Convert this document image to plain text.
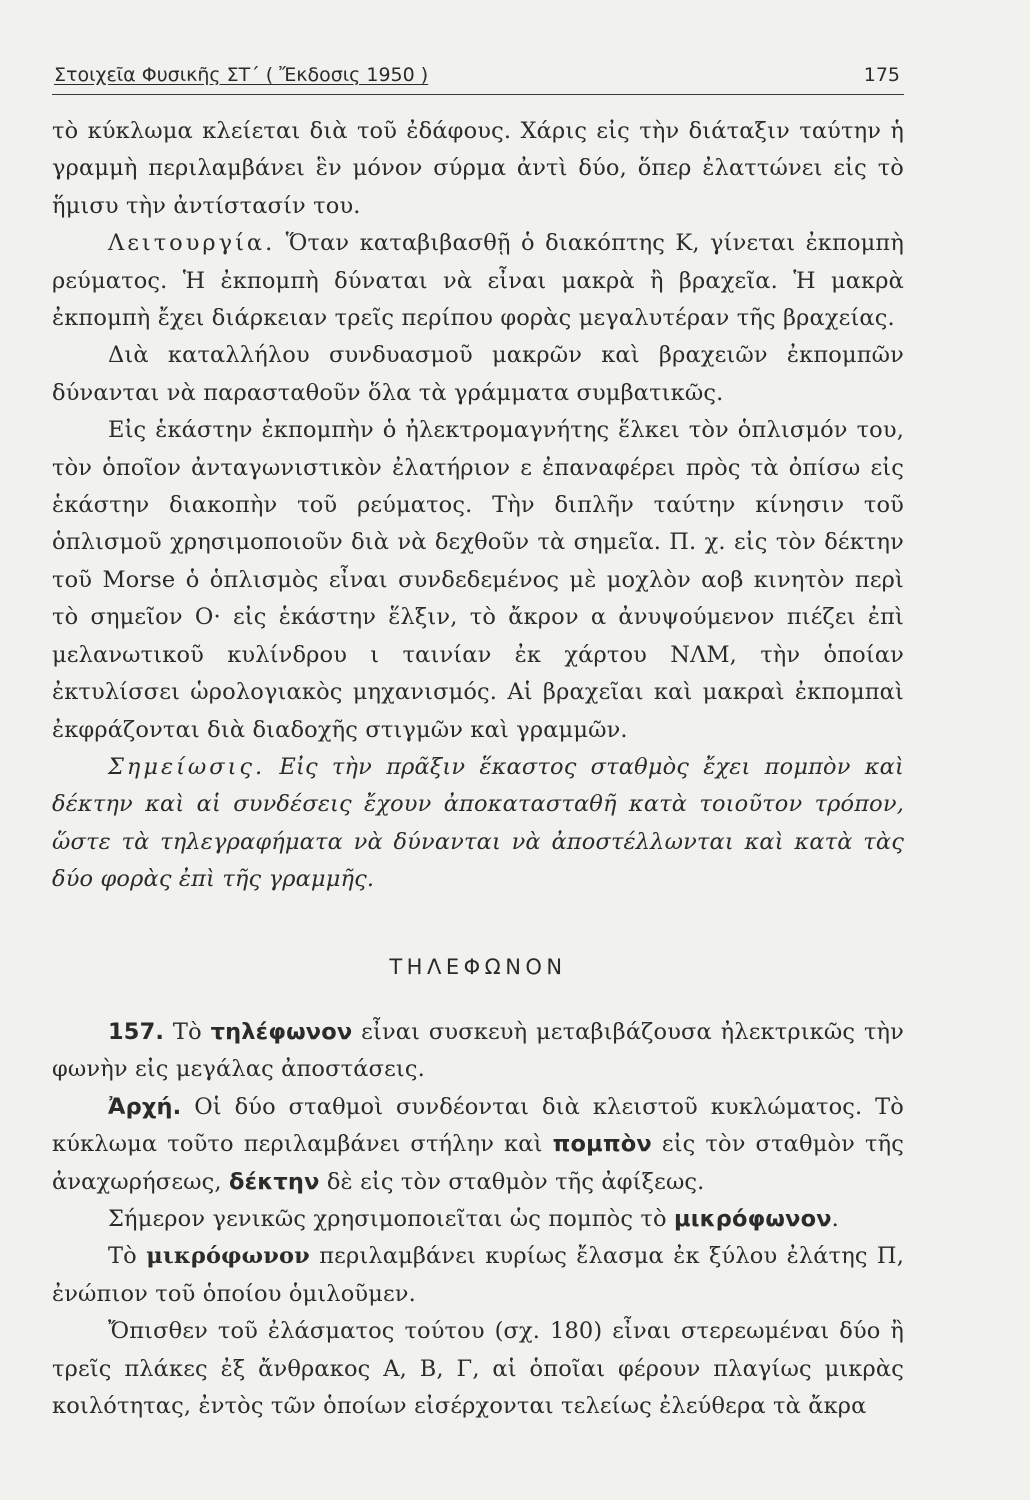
Στοιχεῖα Φυσικῆς ΣΤ΄ ( Ἔκδοσις 1950 )	175

τὸ κύκλωμα κλείεται διὰ τοῦ ἐδάφους. Χάρις εἰς τὴν διάταξιν ταύτην ἡ γραμμὴ περιλαμβάνει ἓν μόνον σύρμα ἀντὶ δύο, ὅπερ ἐλαττώνει εἰς τὸ ἥμισυ τὴν ἀντίστασίν του.

Λειτουργία. Ὅταν καταβιβασθῇ ὁ διακόπτης Κ, γίνεται ἐκπομπὴ ρεύματος. Ἡ ἐκπομπὴ δύναται νὰ εἶναι μακρὰ ἢ βραχεῖα. Ἡ μακρὰ ἐκπομπὴ ἔχει διάρκειαν τρεῖς περίπου φορὰς μεγαλυτέραν τῆς βραχείας.

Διὰ καταλλήλου συνδυασμοῦ μακρῶν καὶ βραχειῶν ἐκπομπῶν δύνανται νὰ παρασταθοῦν ὅλα τὰ γράμματα συμβατικῶς.

Εἰς ἑκάστην ἐκπομπὴν ὁ ἠλεκτρομαγνήτης ἕλκει τὸν ὁπλισμόν του, τὸν ὁποῖον ἀνταγωνιστικὸν ἐλατήριον ε ἐπαναφέρει πρὸς τὰ ὀπίσω εἰς ἑκάστην διακοπὴν τοῦ ρεύματος. Τὴν διπλῆν ταύτην κίνησιν τοῦ ὁπλισμοῦ χρησιμοποιοῦν διὰ νὰ δεχθοῦν τὰ σημεῖα. Π. χ. εἰς τὸν δέκτην τοῦ Morse ὁ ὁπλισμὸς εἶναι συνδεδεμένος μὲ μοχλὸν αοβ κινητὸν περὶ τὸ σημεῖον Ο· εἰς ἑκάστην ἕλξιν, τὸ ἄκρον α ἀνυψούμενον πιέζει ἐπὶ μελανωτικοῦ κυλίνδρου ι ταινίαν ἐκ χάρτου ΝΛΜ, τὴν ὁποίαν ἐκτυλίσσει ὡρολογιακὸς μηχανισμός. Αἱ βραχεῖαι καὶ μακραὶ ἐκπομπαὶ ἐκφράζονται διὰ διαδοχῆς στιγμῶν καὶ γραμμῶν.

Σημείωσις. Εἰς τὴν πρᾶξιν ἕκαστος σταθμὸς ἔχει πομπὸν καὶ δέκτην καὶ αἱ συνδέσεις ἔχουν ἀποκατασταθῆ κατὰ τοιοῦτον τρόπον, ὥστε τὰ τηλεγραφήματα νὰ δύνανται νὰ ἀποστέλλωνται καὶ κατὰ τὰς δύο φορὰς ἐπὶ τῆς γραμμῆς.

ΤΗΛΕΦΩΝΟΝ

157. Τὸ τηλέφωνον εἶναι συσκευὴ μεταβιβάζουσα ἠλεκτρικῶς τὴν φωνὴν εἰς μεγάλας ἀποστάσεις.

Ἀρχή. Οἱ δύο σταθμοὶ συνδέονται διὰ κλειστοῦ κυκλώματος. Τὸ κύκλωμα τοῦτο περιλαμβάνει στήλην καὶ πομπὸν εἰς τὸν σταθμὸν τῆς ἀναχωρήσεως, δέκτην δὲ εἰς τὸν σταθμὸν τῆς ἀφίξεως.

Σήμερον γενικῶς χρησιμοποιεῖται ὡς πομπὸς τὸ μικρόφωνον.

Τὸ μικρόφωνον περιλαμβάνει κυρίως ἔλασμα ἐκ ξύλου ἐλάτης Π, ἐνώπιον τοῦ ὁποίου ὁμιλοῦμεν.

Ὄπισθεν τοῦ ἐλάσματος τούτου (σχ. 180) εἶναι στερεωμέναι δύο ἢ τρεῖς πλάκες ἐξ ἄνθρακος Α, Β, Γ, αἱ ὁποῖαι φέρουν πλαγίως μικρὰς κοιλότητας, ἐντὸς τῶν ὁποίων εἰσέρχονται τελείως ἐλεύθερα τὰ ἄκρα
